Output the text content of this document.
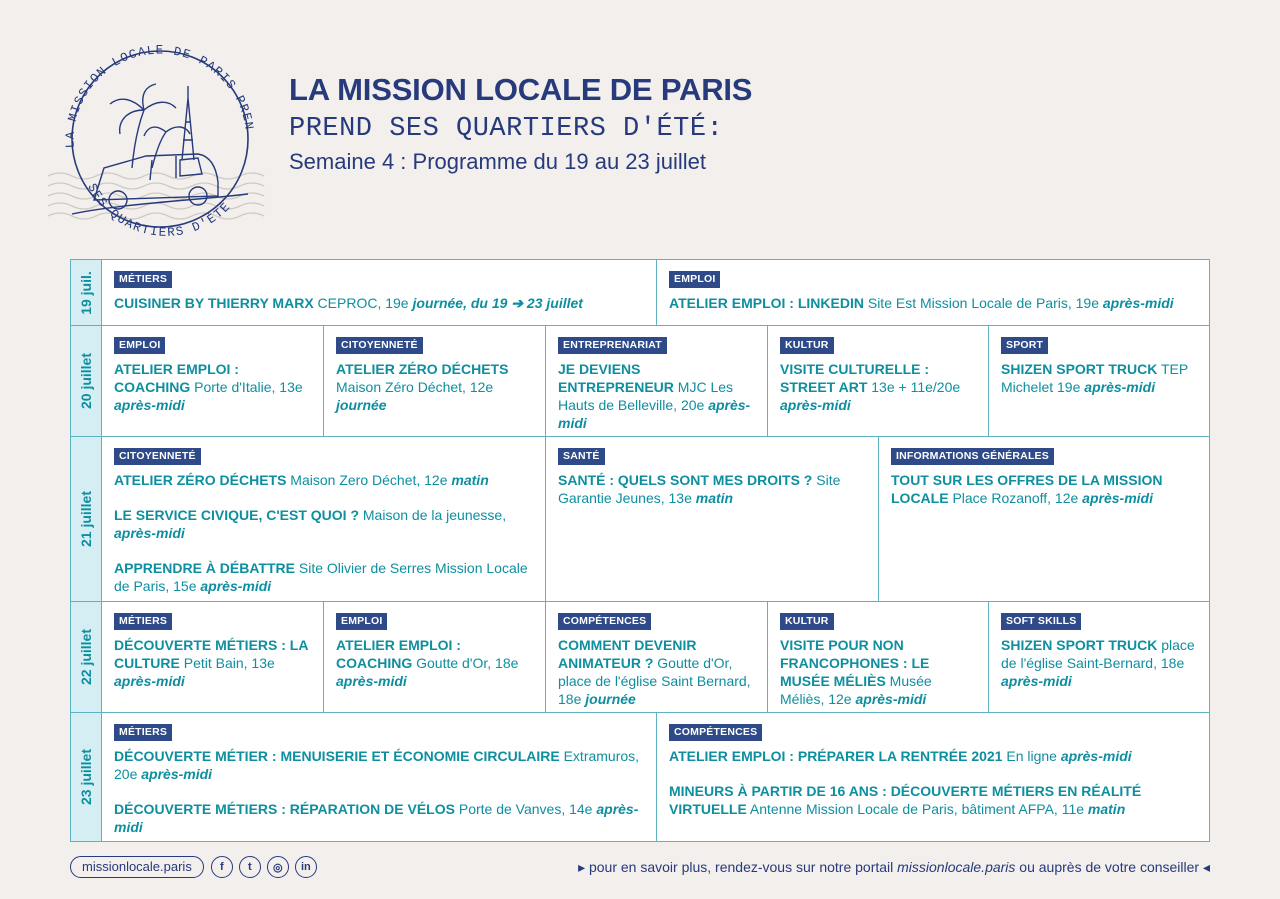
LA MISSION LOCALE DE PARIS PREN
SES QUARTIERS D'ÉTÉ
LA MISSION LOCALE DE PARIS
PREND SES QUARTIERS D'ÉTÉ:
Semaine 4 : Programme du 19 au 23 juillet
19 juil.	MÉTIERS
CUISINER BY THIERRY MARX CEPROC, 19e journée, du 19 ➔ 23 juillet
EMPLOI
ATELIER EMPLOI : LINKEDIN Site Est Mission Locale de Paris, 19e après-midi
20 juillet
EMPLOI
ATELIER EMPLOI : COACHING Porte d'Italie, 13e après-midi
CITOYENNETÉ
ATELIER ZÉRO DÉCHETS Maison Zéro Déchet, 12e journée
ENTREPRENARIAT
JE DEVIENS ENTREPRENEUR MJC Les Hauts de Belleville, 20e après-midi
KULTUR
VISITE CULTURELLE : STREET ART 13e + 11e/20e après-midi
SPORT
SHIZEN SPORT TRUCK TEP Michelet 19e après-midi
21 juillet
CITOYENNETÉ
ATELIER ZÉRO DÉCHETS Maison Zero Déchet, 12e matin
LE SERVICE CIVIQUE, C'EST QUOI ? Maison de la jeunesse, après-midi
APPRENDRE À DÉBATTRE Site Olivier de Serres Mission Locale de Paris, 15e après-midi
SANTÉ
SANTÉ : QUELS SONT MES DROITS ? Site Garantie Jeunes, 13e matin
INFORMATIONS GÉNÉRALES
TOUT SUR LES OFFRES DE LA MISSION LOCALE Place Rozanoff, 12e après-midi
22 juillet
MÉTIERS
DÉCOUVERTE MÉTIERS : LA CULTURE Petit Bain, 13e après-midi
EMPLOI
ATELIER EMPLOI : COACHING Goutte d'Or, 18e après-midi
COMPÉTENCES
COMMENT DEVENIR ANIMATEUR ? Goutte d'Or, place de l'église Saint Bernard, 18e journée
KULTUR
VISITE POUR NON FRANCOPHONES : LE MUSÉE MÉLIÈS Musée Méliès, 12e après-midi
SOFT SKILLS
SHIZEN SPORT TRUCK place de l'église Saint-Bernard, 18e après-midi
23 juillet
MÉTIERS
DÉCOUVERTE MÉTIER : MENUISERIE ET ÉCONOMIE CIRCULAIRE Extramuros, 20e après-midi
DÉCOUVERTE MÉTIERS : RÉPARATION DE VÉLOS Porte de Vanves, 14e après-midi
COMPÉTENCES
ATELIER EMPLOI : PRÉPARER LA RENTRÉE 2021 En ligne après-midi
MINEURS À PARTIR DE 16 ANS : DÉCOUVERTE MÉTIERS EN RÉALITÉ VIRTUELLE Antenne Mission Locale de Paris, bâtiment AFPA, 11e matin
missionlocale.paris	f	t	◎	in	▸ pour en savoir plus, rendez-vous sur notre portail missionlocale.paris ou auprès de votre conseiller ◂
